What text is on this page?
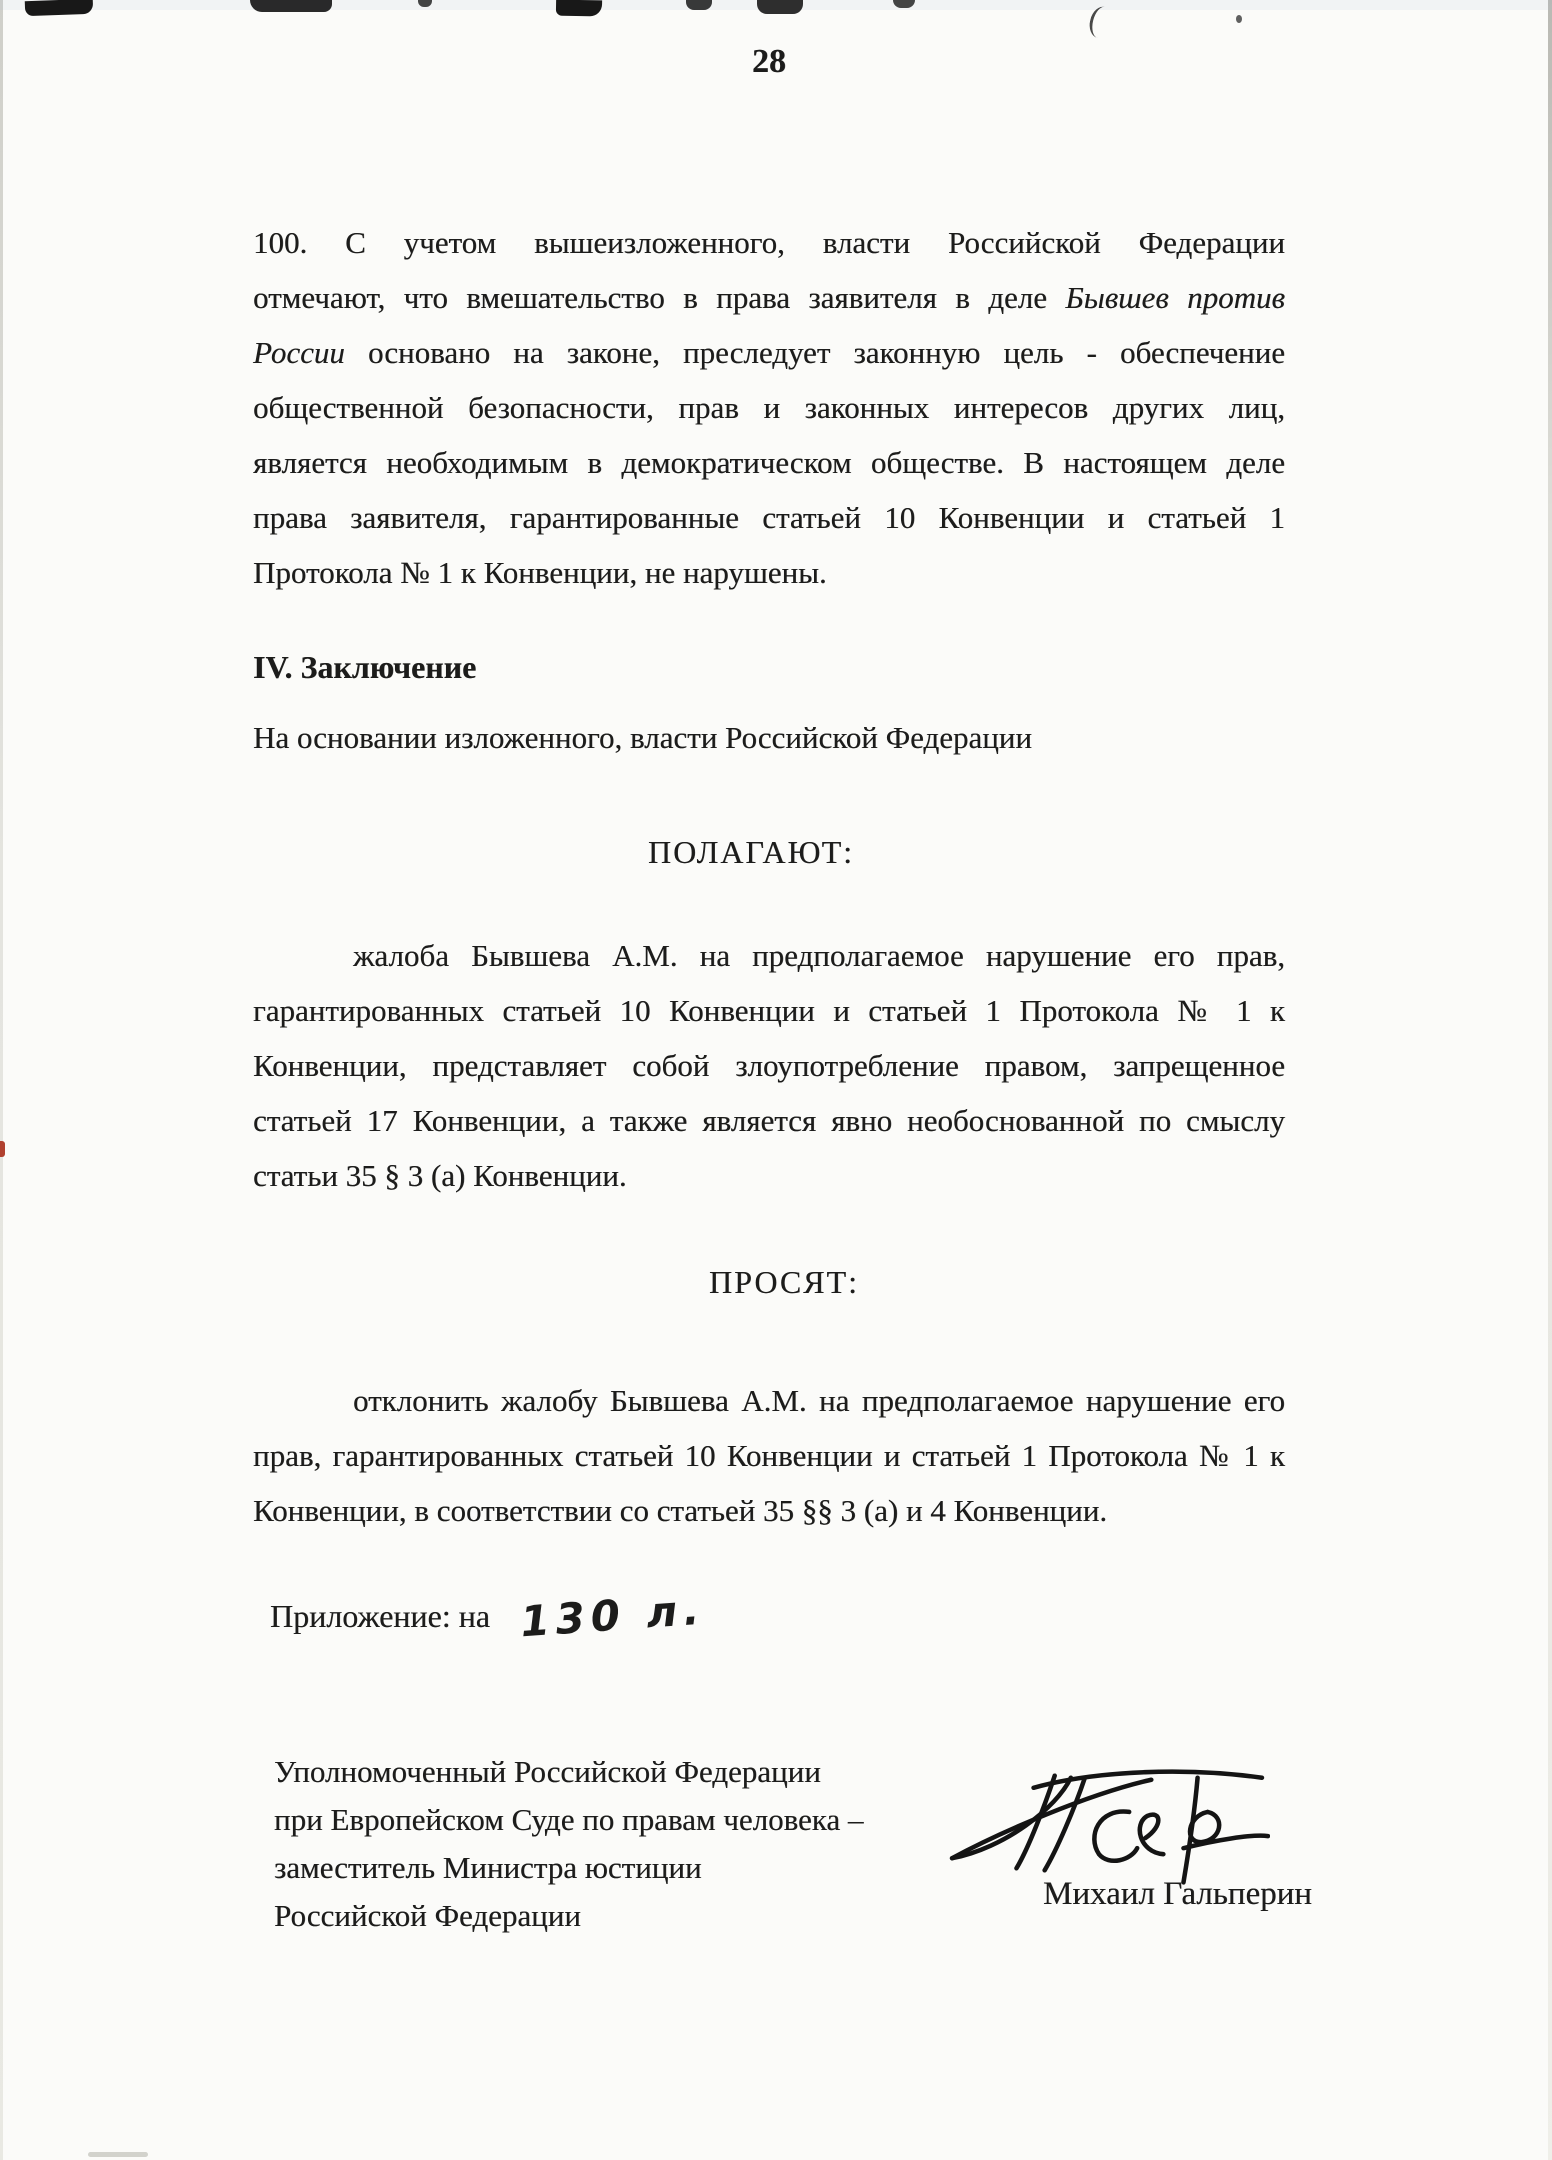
28
100. С учетом вышеизложенного, власти Российской Федерации
отмечают, что вмешательство в права заявителя в деле Бывшев против
России основано на законе, преследует законную цель - обеспечение
общественной безопасности, прав и законных интересов других лиц,
является необходимым в демократическом обществе. В настоящем деле
права заявителя, гарантированные статьей 10 Конвенции и статьей 1
Протокола № 1 к Конвенции, не нарушены.
IV. Заключение
На основании изложенного, власти Российской Федерации
ПОЛАГАЮТ:
жалоба Бывшева А.М. на предполагаемое нарушение его прав,
гарантированных статьей 10 Конвенции и статьей 1 Протокола № 1 к
Конвенции, представляет собой злоупотребление правом, запрещенное
статьей 17 Конвенции, а также является явно необоснованной по смыслу
статьи 35 § 3 (а) Конвенции.
ПРОСЯТ:
отклонить жалобу Бывшева А.М. на предполагаемое нарушение его
прав, гарантированных статьей 10 Конвенции и статьей 1 Протокола № 1 к
Конвенции, в соответствии со статьей 35 §§ 3 (а) и 4 Конвенции.
Приложение: на 130 л.
Уполномоченный Российской Федерации
при Европейском Суде по правам человека –
заместитель Министра юстиции
Российской Федерации
Михаил Гальперин
